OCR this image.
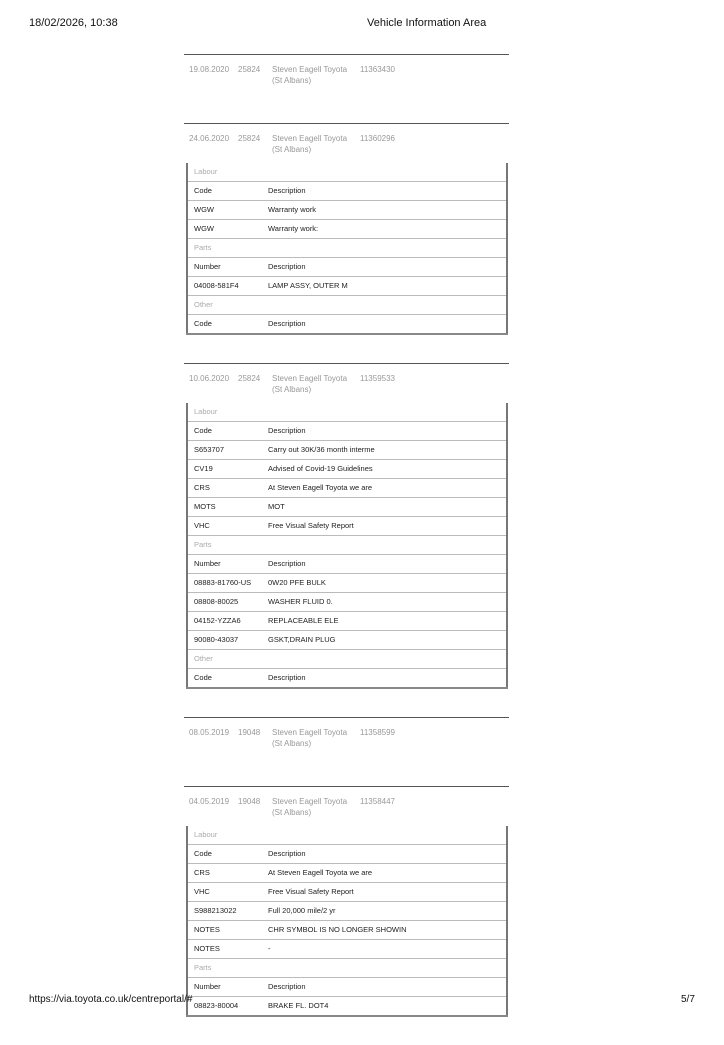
18/02/2026, 10:38	Vehicle Information Area
19.08.2020	25824	Steven Eagell Toyota
(St Albans)
11363430
24.06.2020	25824	Steven Eagell Toyota
(St Albans)
11360296
Labour	
Code	Description
WGW	Warranty work
WGW	Warranty work:
Parts	
Number	Description
04008-581F4	LAMP ASSY, OUTER M
Other	
Code	Description
10.06.2020	25824	Steven Eagell Toyota
(St Albans)
11359533
Labour	
Code	Description
S653707	Carry out 30K/36 month interme
CV19	Advised of Covid-19 Guidelines
CRS	At Steven Eagell Toyota we are
MOTS	MOT
VHC	Free Visual Safety Report
Parts	
Number	Description
08883-81760-US	0W20 PFE BULK
08808-80025	WASHER FLUID 0.
04152-YZZA6	REPLACEABLE ELE
90080-43037	GSKT,DRAIN PLUG
Other	
Code	Description
08.05.2019	19048	Steven Eagell Toyota
(St Albans)
11358599
04.05.2019	19048	Steven Eagell Toyota
(St Albans)
11358447
Labour	
Code	Description
CRS	At Steven Eagell Toyota we are
VHC	Free Visual Safety Report
S988213022	Full 20,000 mile/2 yr
NOTES	CHR SYMBOL IS NO LONGER SHOWIN
NOTES	-
Parts	
Number	Description
08823-80004	BRAKE FL. DOT4
https://via.toyota.co.uk/centreportal/#	5/7
